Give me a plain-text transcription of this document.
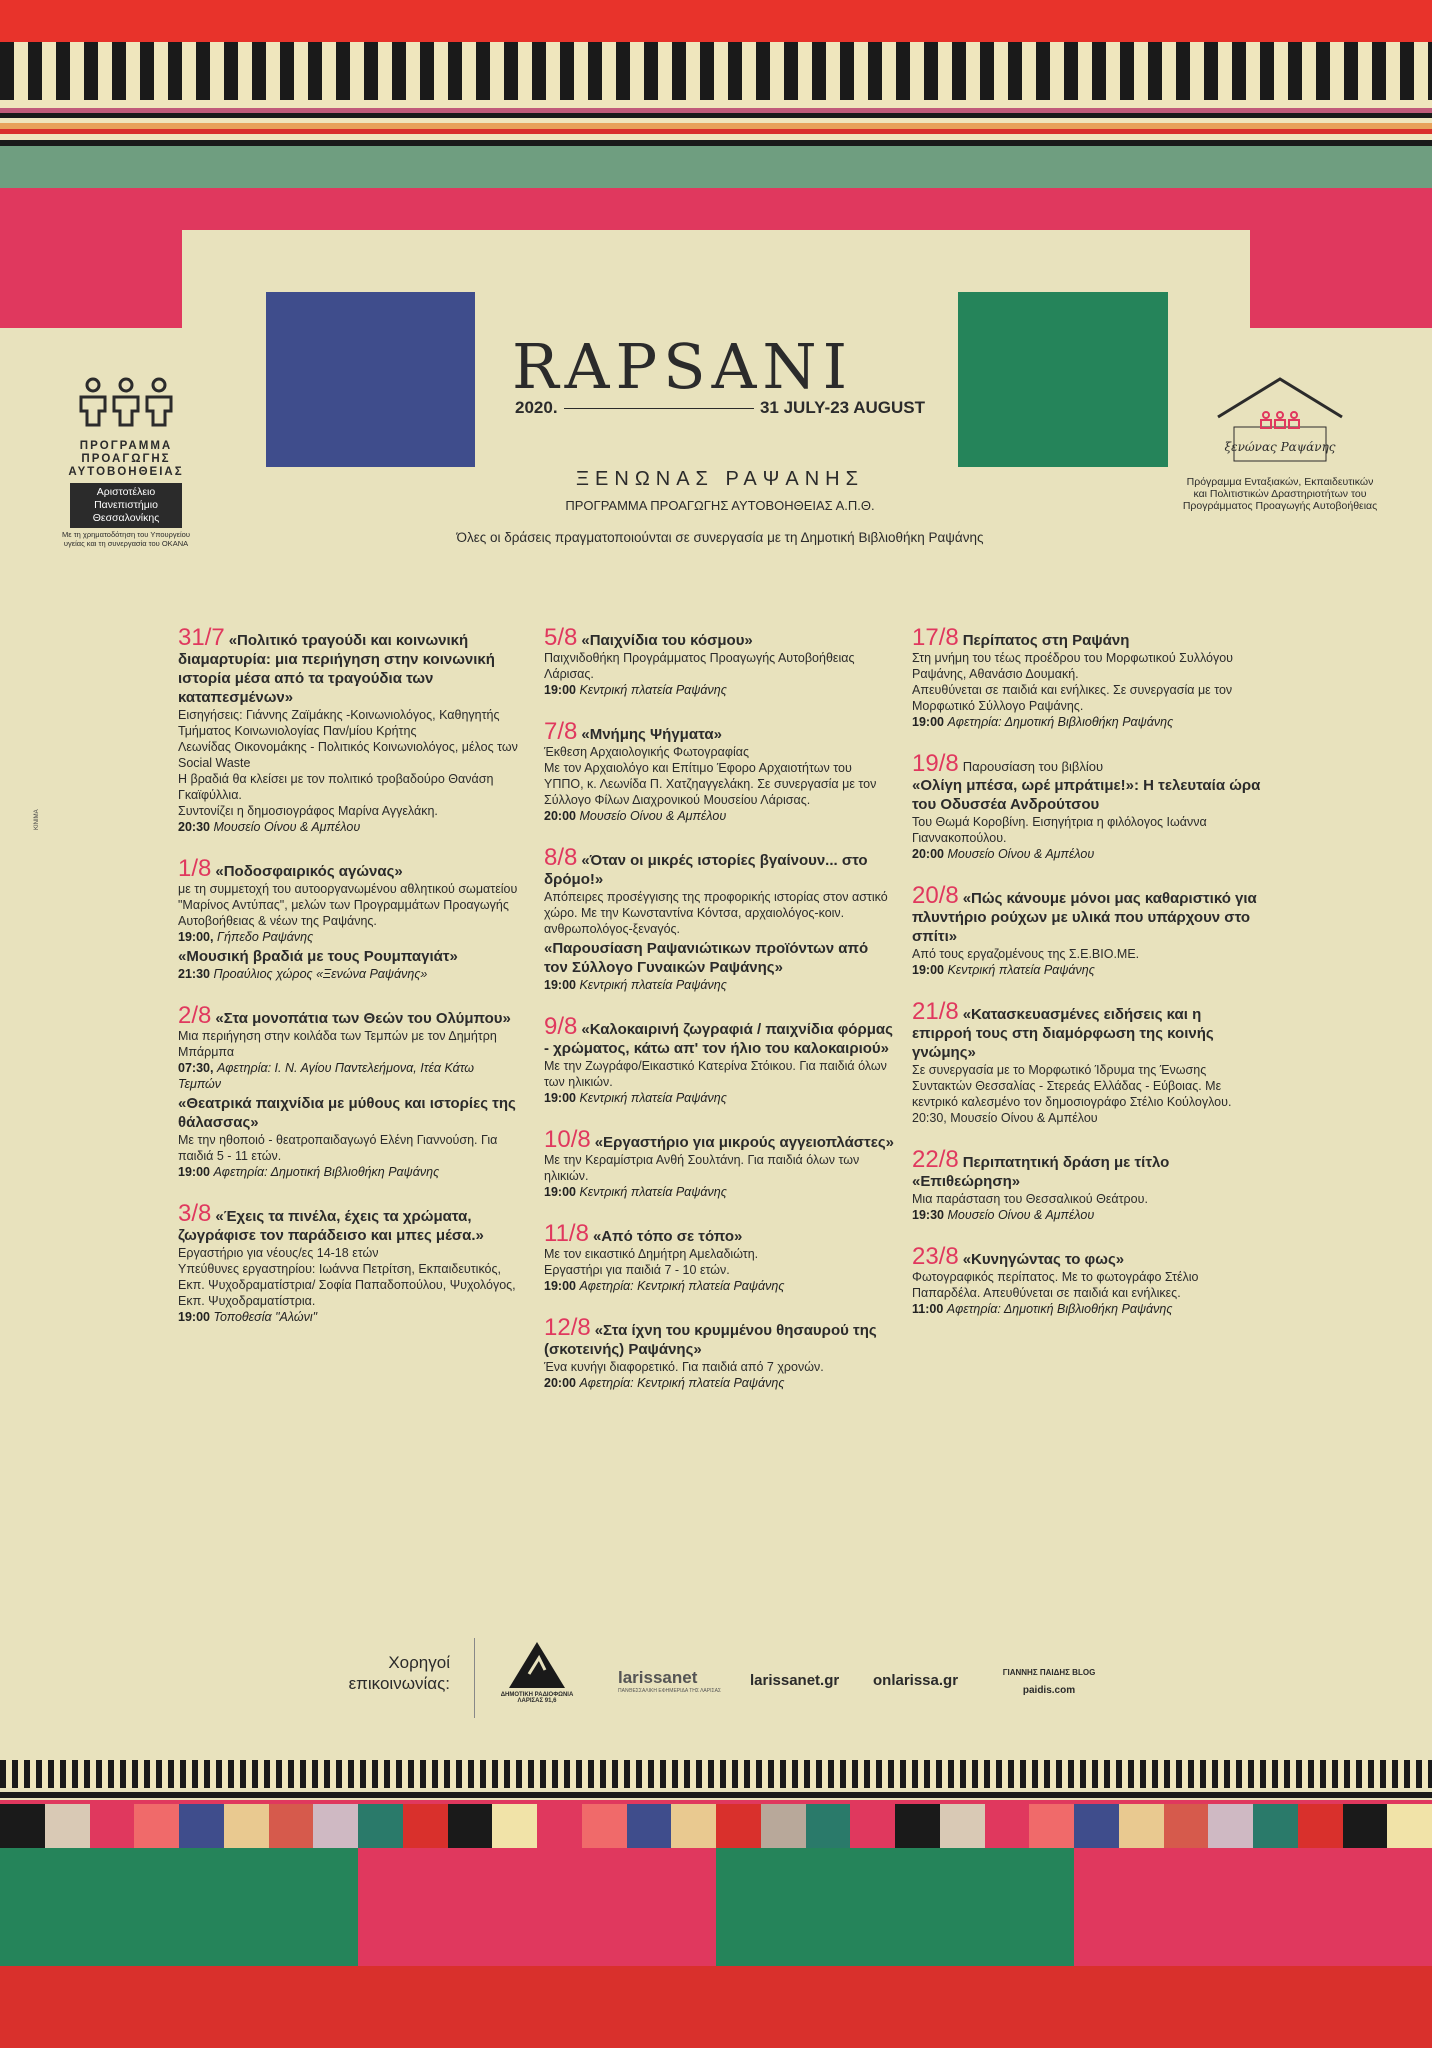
RAPSANI
2020.	31 JULY-23 AUGUST
ΞΕΝΩΝΑΣ ΡΑΨΑΝΗΣ
ΠΡΟΓΡΑΜΜΑ ΠΡΟΑΓΩΓΗΣ ΑΥΤΟΒΟΗΘΕΙΑΣ Α.Π.Θ.
Όλες οι δράσεις πραγματοποιούνται σε συνεργασία με τη Δημοτική Βιβλιοθήκη Ραψάνης
ΠΡΟΓΡΑΜΜΑ
ΠΡΟΑΓΩΓΗΣ
ΑΥΤΟΒΟΗΘΕΙΑΣ
Αριστοτέλειο Πανεπιστήμιο Θεσσαλονίκης
Με τη χρηματοδότηση του Υπουργείου υγείας και τη συνεργασία του ΟΚΑΝΑ
ξενώνας Ραψάνης
Πρόγραμμα Ενταξιακών, Εκπαιδευτικών και Πολιτιστικών Δραστηριοτήτων του Προγράμματος Προαγωγής Αυτοβοήθειας
KINIMA
31/7 «Πολιτικό τραγούδι και κοινωνική διαμαρτυρία: μια περιήγηση στην κοινωνική ιστορία μέσα από τα τραγούδια των καταπεσμένων»
Εισηγήσεις: Γιάννης Ζαϊμάκης -Κοινωνιολόγος, Καθηγητής Τμήματος Κοινωνιολογίας Παν/μίου Κρήτης
Λεωνίδας Οικονομάκης - Πολιτικός Κοινωνιολόγος, μέλος των Social Waste
Η βραδιά θα κλείσει με τον πολιτικό τροβαδούρο Θανάση Γκαϊφύλλια.
Συντονίζει η δημοσιογράφος Μαρίνα Αγγελάκη.
20:30 Μουσείο Οίνου & Αμπέλου
1/8 «Ποδοσφαιρικός αγώνας»
με τη συμμετοχή του αυτοοργανωμένου αθλητικού σωματείου "Μαρίνος Αντύπας", μελών των Προγραμμάτων Προαγωγής Αυτοβοήθειας & νέων της Ραψάνης.
19:00, Γήπεδο Ραψάνης
«Μουσική βραδιά με τους Ρουμπαγιάτ»
21:30 Προαύλιος χώρος «Ξενώνα Ραψάνης»
2/8 «Στα μονοπάτια των Θεών του Ολύμπου»
Μια περιήγηση στην κοιλάδα των Τεμπών με τον Δημήτρη Μπάρμπα
07:30, Αφετηρία: Ι. Ν. Αγίου Παντελεήμονα, Ιτέα Κάτω Τεμπών
«Θεατρικά παιχνίδια με μύθους και ιστορίες της θάλασσας»
Με την ηθοποιό - θεατροπαιδαγωγό Ελένη Γιαννούση. Για παιδιά 5 - 11 ετών.
19:00 Αφετηρία: Δημοτική Βιβλιοθήκη Ραψάνης
3/8 «Έχεις τα πινέλα, έχεις τα χρώματα, ζωγράφισε τον παράδεισο και μπες μέσα.»
Εργαστήριο για νέους/ες 14-18 ετών
Υπεύθυνες εργαστηρίου: Ιωάννα Πετρίτση, Εκπαιδευτικός, Εκπ. Ψυχοδραματίστρια/ Σοφία Παπαδοπούλου, Ψυχολόγος, Εκπ. Ψυχοδραματίστρια.
19:00 Τοποθεσία "Αλώνι"
5/8 «Παιχνίδια του κόσμου»
Παιχνιδοθήκη Προγράμματος Προαγωγής Αυτοβοήθειας Λάρισας.
19:00 Κεντρική πλατεία Ραψάνης
7/8 «Μνήμης Ψήγματα»
Έκθεση Αρχαιολογικής Φωτογραφίας
Με τον Αρχαιολόγο και Επίτιμο Έφορο Αρχαιοτήτων του ΥΠΠΟ, κ. Λεωνίδα Π. Χατζηαγγελάκη. Σε συνεργασία με τον Σύλλογο Φίλων Διαχρονικού Μουσείου Λάρισας.
20:00 Μουσείο Οίνου & Αμπέλου
8/8 «Όταν οι μικρές ιστορίες βγαίνουν... στο δρόμο!»
Απόπειρες προσέγγισης της προφορικής ιστορίας στον αστικό χώρο. Με την Κωνσταντίνα Κόντσα, αρχαιολόγος-κοιν. ανθρωπολόγος-ξεναγός.
«Παρουσίαση Ραψανιώτικων προϊόντων από τον Σύλλογο Γυναικών Ραψάνης»
19:00 Κεντρική πλατεία Ραψάνης
9/8 «Καλοκαιρινή ζωγραφιά / παιχνίδια φόρμας - χρώματος, κάτω απ' τον ήλιο του καλοκαιριού»
Με την Ζωγράφο/Εικαστικό Κατερίνα Στόικου. Για παιδιά όλων των ηλικιών.
19:00 Κεντρική πλατεία Ραψάνης
10/8 «Εργαστήριο για μικρούς αγγειοπλάστες»
Με την Κεραμίστρια Ανθή Σουλτάνη. Για παιδιά όλων των ηλικιών.
19:00 Κεντρική πλατεία Ραψάνης
11/8 «Από τόπο σε τόπο»
Με τον εικαστικό Δημήτρη Αμελαδιώτη.
Εργαστήρι για παιδιά 7 - 10 ετών.
19:00 Αφετηρία: Κεντρική πλατεία Ραψάνης
12/8 «Στα ίχνη του κρυμμένου θησαυρού της (σκοτεινής) Ραψάνης»
Ένα κυνήγι διαφορετικό. Για παιδιά από 7 χρονών.
20:00 Αφετηρία: Κεντρική πλατεία Ραψάνης
17/8 Περίπατος στη Ραψάνη
Στη μνήμη του τέως προέδρου του Μορφωτικού Συλλόγου Ραψάνης, Αθανάσιο Δουμακή.
Απευθύνεται σε παιδιά και ενήλικες. Σε συνεργασία με τον Μορφωτικό Σύλλογο Ραψάνης.
19:00 Αφετηρία: Δημοτική Βιβλιοθήκη Ραψάνης
19/8 Παρουσίαση του βιβλίου
«Ολίγη μπέσα, ωρέ μπράτιμε!»: Η τελευταία ώρα του Οδυσσέα Ανδρούτσου
Του Θωμά Κοροβίνη. Εισηγήτρια η φιλόλογος Ιωάννα Γιαννακοπούλου.
20:00 Μουσείο Οίνου & Αμπέλου
20/8 «Πώς κάνουμε μόνοι μας καθαριστικό για πλυντήριο ρούχων με υλικά που υπάρχουν στο σπίτι»
Από τους εργαζομένους της Σ.Ε.ΒΙΟ.ΜΕ.
19:00 Κεντρική πλατεία Ραψάνης
21/8 «Κατασκευασμένες ειδήσεις και η επιρροή τους στη διαμόρφωση της κοινής γνώμης»
Σε συνεργασία με το Μορφωτικό Ίδρυμα της Ένωσης Συντακτών Θεσσαλίας - Στερεάς Ελλάδας - Εύβοιας. Με κεντρικό καλεσμένο τον δημοσιογράφο Στέλιο Κούλογλου.
20:30, Μουσείο Οίνου & Αμπέλου
22/8 Περιπατητική δράση με τίτλο «Επιθεώρηση»
Μια παράσταση του Θεσσαλικού Θεάτρου.
19:30 Μουσείο Οίνου & Αμπέλου
23/8 «Κυνηγώντας το φως»
Φωτογραφικός περίπατος. Με το φωτογράφο Στέλιο Παπαρδέλα. Απευθύνεται σε παιδιά και ενήλικες.
11:00 Αφετηρία: Δημοτική Βιβλιοθήκη Ραψάνης
Χορηγοί επικοινωνίας:
ΔΗΜΟΤΙΚΗ ΡΑΔΙΟΦΩΝΙΑ ΛΑΡΙΣΑΣ 91,6
larissanet
ΠΑΝΘΕΣΣΑΛΙΚΗ ΕΦΗΜΕΡΙΔΑ ΤΗΣ ΛΑΡΙΣΑΣ
larissanet.gr onlarissa.gr	ΓΙΑΝΝΗΣ ΠΑΙΔΗΣ BLOG
paidis.com
